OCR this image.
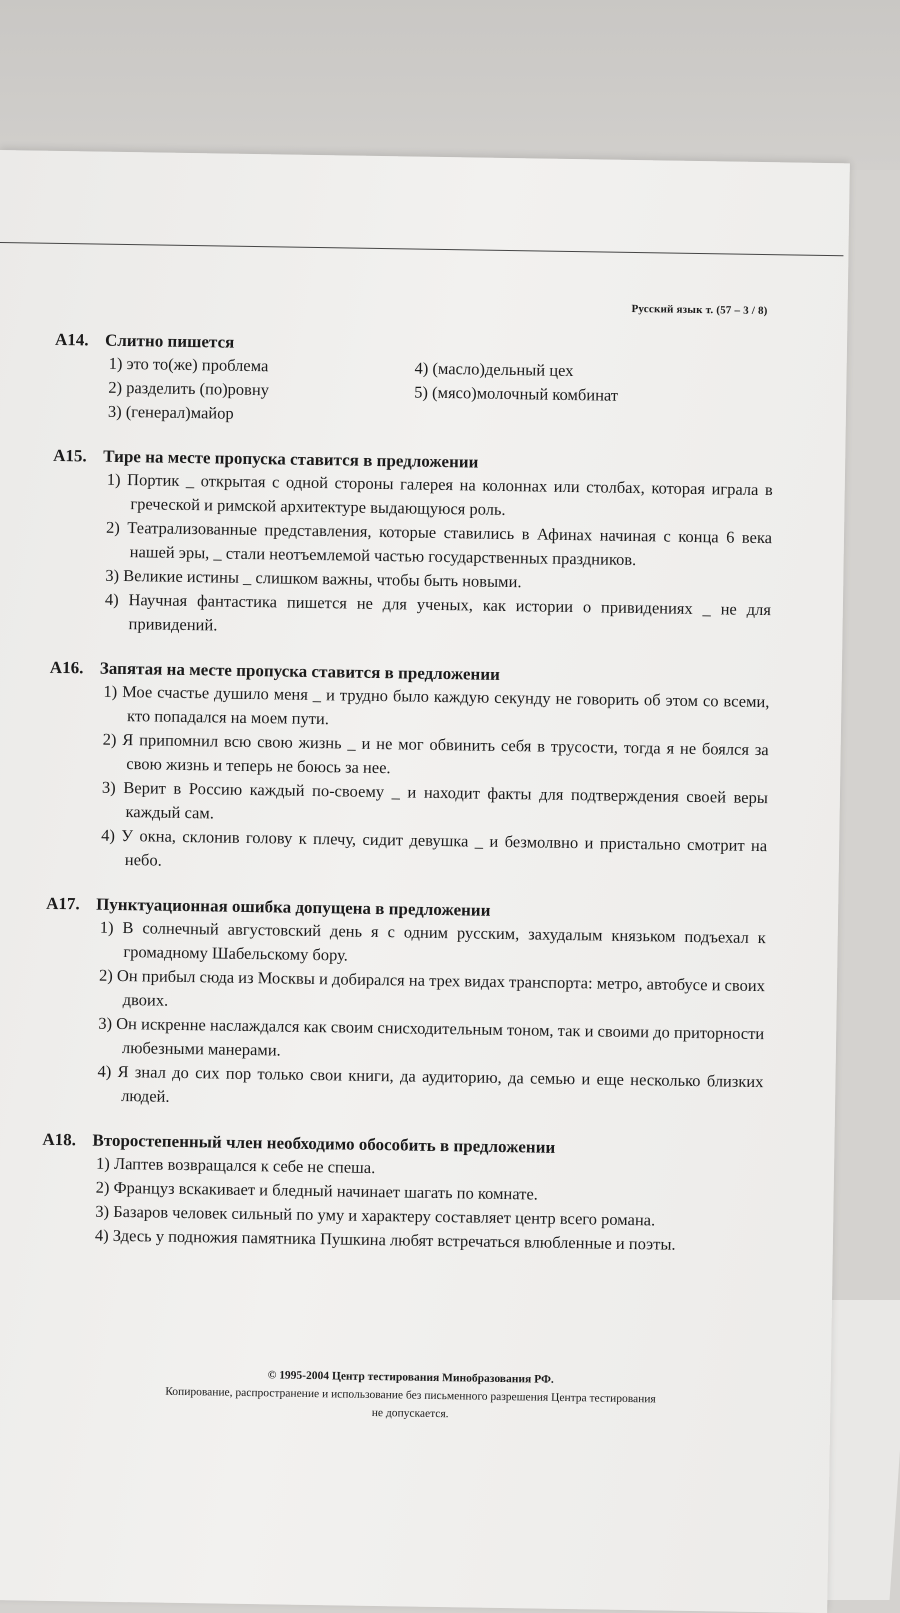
Русский язык т. (57 – 3 / 8)
А14. Слитно пишется
1) это то(же) проблема
2) разделить (по)ровну
3) (генерал)майор
4) (масло)дельный цех
5) (мясо)молочный комбинат
А15. Тире на месте пропуска ставится в предложении
1) Портик _ открытая с одной стороны галерея на колоннах или столбах, которая играла в греческой и римской архитектуре выдающуюся роль.
2) Театрализованные представления, которые ставились в Афинах начиная с конца 6 века нашей эры, _ стали неотъемлемой частью государственных праздников.
3) Великие истины _ слишком важны, чтобы быть новыми.
4) Научная фантастика пишется не для ученых, как истории о привидениях _ не для привидений.
А16. Запятая на месте пропуска ставится в предложении
1) Мое счастье душило меня _ и трудно было каждую секунду не говорить об этом со всеми, кто попадался на моем пути.
2) Я припомнил всю свою жизнь _ и не мог обвинить себя в трусости, тогда я не боялся за свою жизнь и теперь не боюсь за нее.
3) Верит в Россию каждый по-своему _ и находит факты для подтверждения своей веры каждый сам.
4) У окна, склонив голову к плечу, сидит девушка _ и безмолвно и пристально смотрит на небо.
А17. Пунктуационная ошибка допущена в предложении
1) В солнечный августовский день я с одним русским, захудалым князьком подъехал к громадному Шабельскому бору.
2) Он прибыл сюда из Москвы и добирался на трех видах транспорта: метро, автобусе и своих двоих.
3) Он искренне наслаждался как своим снисходительным тоном, так и своими до приторности любезными манерами.
4) Я знал до сих пор только свои книги, да аудиторию, да семью и еще несколько близких людей.
А18. Второстепенный член необходимо обособить в предложении
1) Лаптев возвращался к себе не спеша.
2) Француз вскакивает и бледный начинает шагать по комнате.
3) Базаров человек сильный по уму и характеру составляет центр всего романа.
4) Здесь у подножия памятника Пушкина любят встречаться влюбленные и поэты.
© 1995-2004 Центр тестирования Минобразования РФ.
Копирование, распространение и использование без письменного разрешения Центра тестирования
не допускается.
